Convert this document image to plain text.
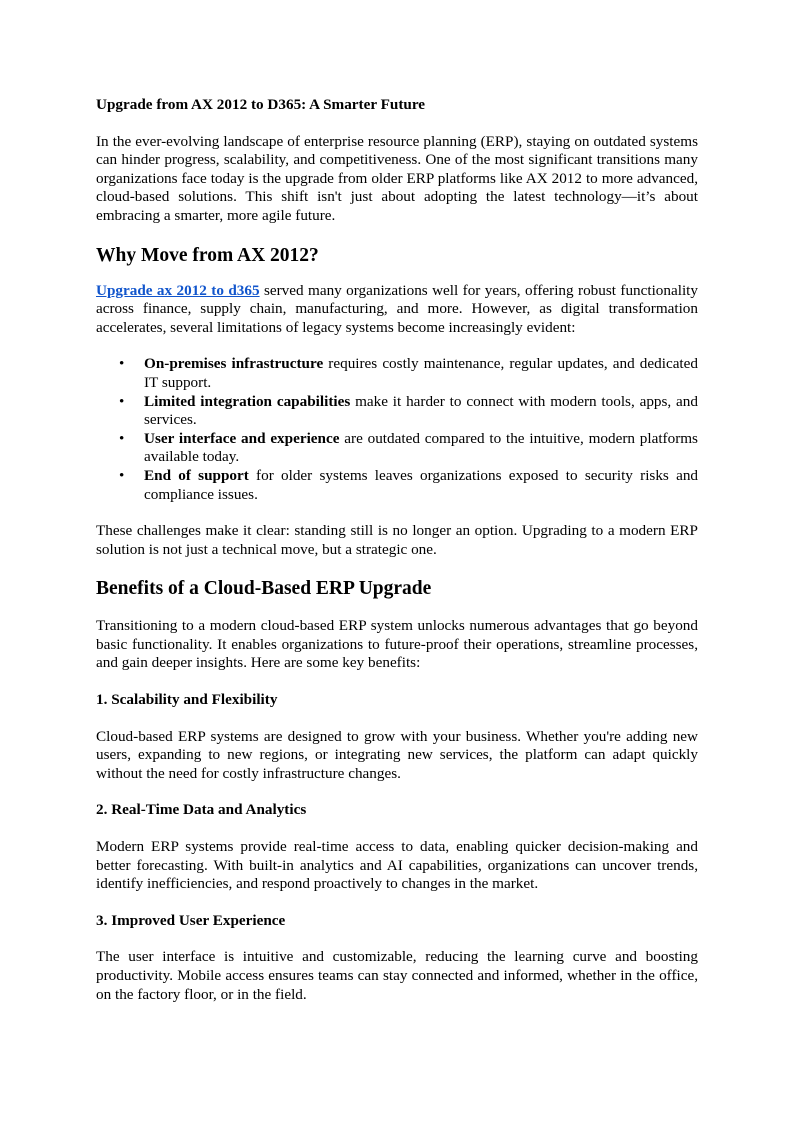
Upgrade from AX 2012 to D365: A Smarter Future

In the ever-evolving landscape of enterprise resource planning (ERP), staying on outdated systems can hinder progress, scalability, and competitiveness. One of the most significant transitions many organizations face today is the upgrade from older ERP platforms like AX 2012 to more advanced, cloud-based solutions. This shift isn't just about adopting the latest technology—it’s about embracing a smarter, more agile future.

Why Move from AX 2012?

Upgrade ax 2012 to d365 served many organizations well for years, offering robust functionality across finance, supply chain, manufacturing, and more. However, as digital transformation accelerates, several limitations of legacy systems become increasingly evident:

• On-premises infrastructure requires costly maintenance, regular updates, and dedicated IT support.
• Limited integration capabilities make it harder to connect with modern tools, apps, and services.
• User interface and experience are outdated compared to the intuitive, modern platforms available today.
• End of support for older systems leaves organizations exposed to security risks and compliance issues.

These challenges make it clear: standing still is no longer an option. Upgrading to a modern ERP solution is not just a technical move, but a strategic one.

Benefits of a Cloud-Based ERP Upgrade

Transitioning to a modern cloud-based ERP system unlocks numerous advantages that go beyond basic functionality. It enables organizations to future-proof their operations, streamline processes, and gain deeper insights. Here are some key benefits:

1. Scalability and Flexibility

Cloud-based ERP systems are designed to grow with your business. Whether you're adding new users, expanding to new regions, or integrating new services, the platform can adapt quickly without the need for costly infrastructure changes.

2. Real-Time Data and Analytics

Modern ERP systems provide real-time access to data, enabling quicker decision-making and better forecasting. With built-in analytics and AI capabilities, organizations can uncover trends, identify inefficiencies, and respond proactively to changes in the market.

3. Improved User Experience

The user interface is intuitive and customizable, reducing the learning curve and boosting productivity. Mobile access ensures teams can stay connected and informed, whether in the office, on the factory floor, or in the field.
